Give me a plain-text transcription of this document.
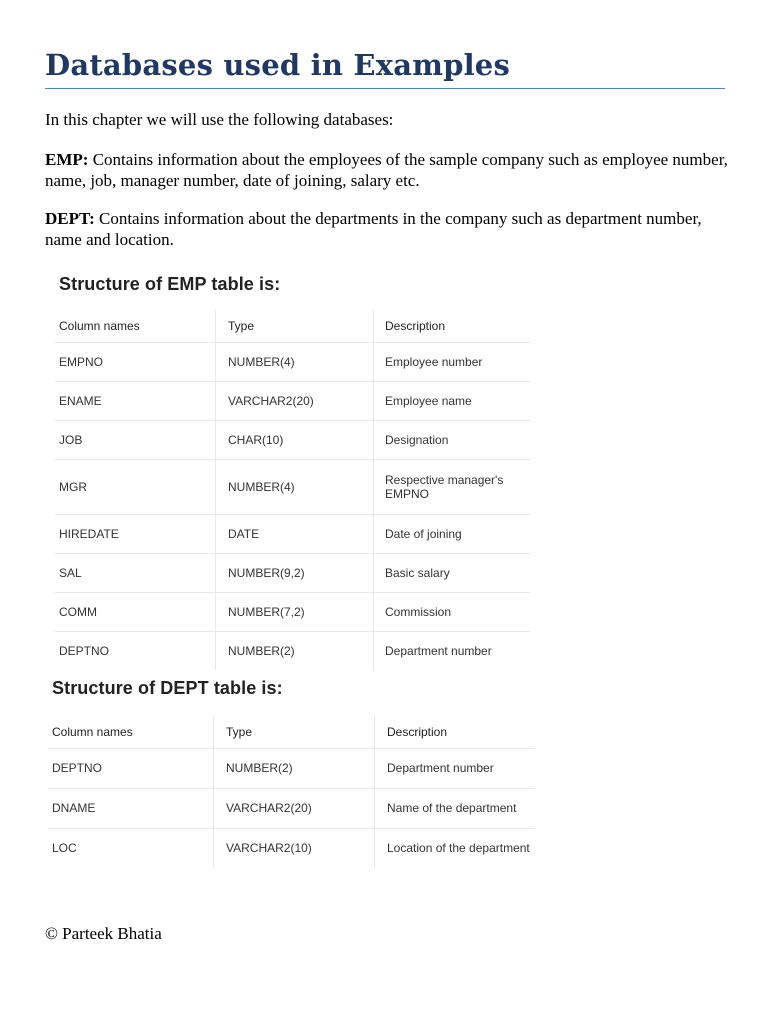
Databases used in Examples

In this chapter we will use the following databases:

EMP: Contains information about the employees of the sample company such as employee number, name, job, manager number, date of joining, salary etc.

DEPT: Contains information about the departments in the company such as department number, name and location.

Structure of EMP table is:
Column names	Type	Description

EMPNO	NUMBER(4)	Employee number

ENAME	VARCHAR2(20)	Employee name

JOB	CHAR(10)	Designation

MGR	NUMBER(4)	Respective manager's EMPNO

HIREDATE	DATE	Date of joining

SAL	NUMBER(9,2)	Basic salary

COMM	NUMBER(7,2)	Commission

DEPTNO	NUMBER(2)	Department number
Structure of DEPT table is:
Column names	Type	Description

DEPTNO	NUMBER(2)	Department number

DNAME	VARCHAR2(20)	Name of the department

LOC	VARCHAR2(10)	Location of the department

© Parteek Bhatia
